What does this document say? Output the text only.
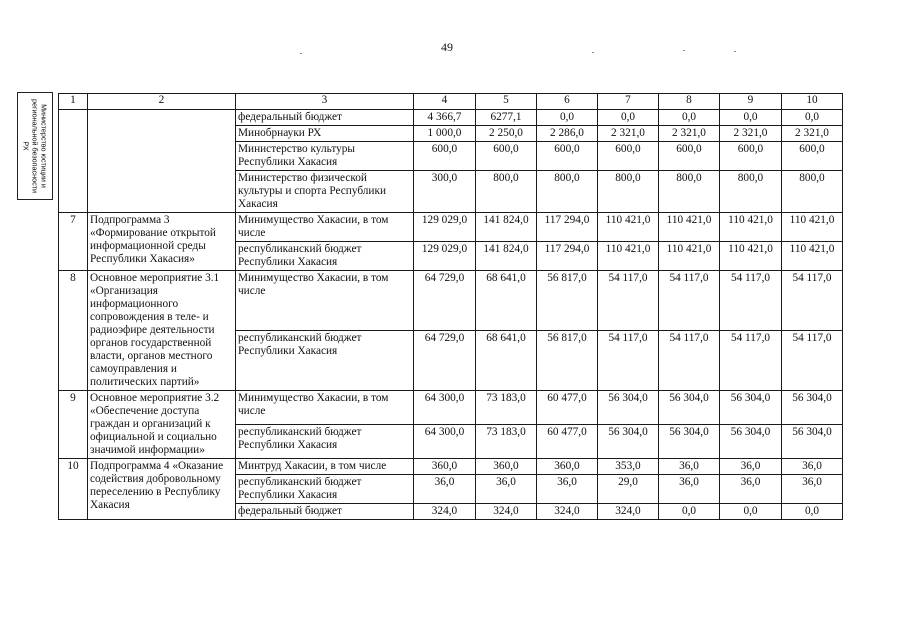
49
Министерство юстиции и региональной безопасности РХ
1	2	3	4	5	6	7	8	9	10
		федеральный бюджет	4 366,7	6277,1	0,0	0,0	0,0	0,0	0,0
		Минобрнауки РХ	1 000,0	2 250,0	2 286,0	2 321,0	2 321,0	2 321,0	2 321,0
		Министерство культуры Республики Хакасия	600,0	600,0	600,0	600,0	600,0	600,0	600,0
		Министерство физической культуры и спорта Республики Хакасия	300,0	800,0	800,0	800,0	800,0	800,0	800,0
7	Подпрограмма 3 «Формирование открытой информационной среды Республики Хакасия»	Минимущество Хакасии, в том числе	129 029,0	141 824,0	117 294,0	110 421,0	110 421,0	110 421,0	110 421,0
		республиканский бюджет Республики Хакасия	129 029,0	141 824,0	117 294,0	110 421,0	110 421,0	110 421,0	110 421,0
8	Основное мероприятие 3.1 «Организация информационного сопровождения в теле- и радиоэфире деятельности органов государственной власти, органов местного самоуправления и политических партий»	Минимущество Хакасии, в том числе	64 729,0	68 641,0	56 817,0	54 117,0	54 117,0	54 117,0	54 117,0
		республиканский бюджет Республики Хакасия	64 729,0	68 641,0	56 817,0	54 117,0	54 117,0	54 117,0	54 117,0
9	Основное мероприятие 3.2 «Обеспечение доступа граждан и организаций к официальной и социально значимой информации»	Минимущество Хакасии, в том числе	64 300,0	73 183,0	60 477,0	56 304,0	56 304,0	56 304,0	56 304,0
		республиканский бюджет Республики Хакасия	64 300,0	73 183,0	60 477,0	56 304,0	56 304,0	56 304,0	56 304,0
10	Подпрограмма 4 «Оказание содействия добровольному переселению в Республику Хакасия	Минтруд Хакасии, в том числе	360,0	360,0	360,0	353,0	36,0	36,0	36,0
		республиканский бюджет Республики Хакасия	36,0	36,0	36,0	29,0	36,0	36,0	36,0
		федеральный бюджет	324,0	324,0	324,0	324,0	0,0	0,0	0,0
